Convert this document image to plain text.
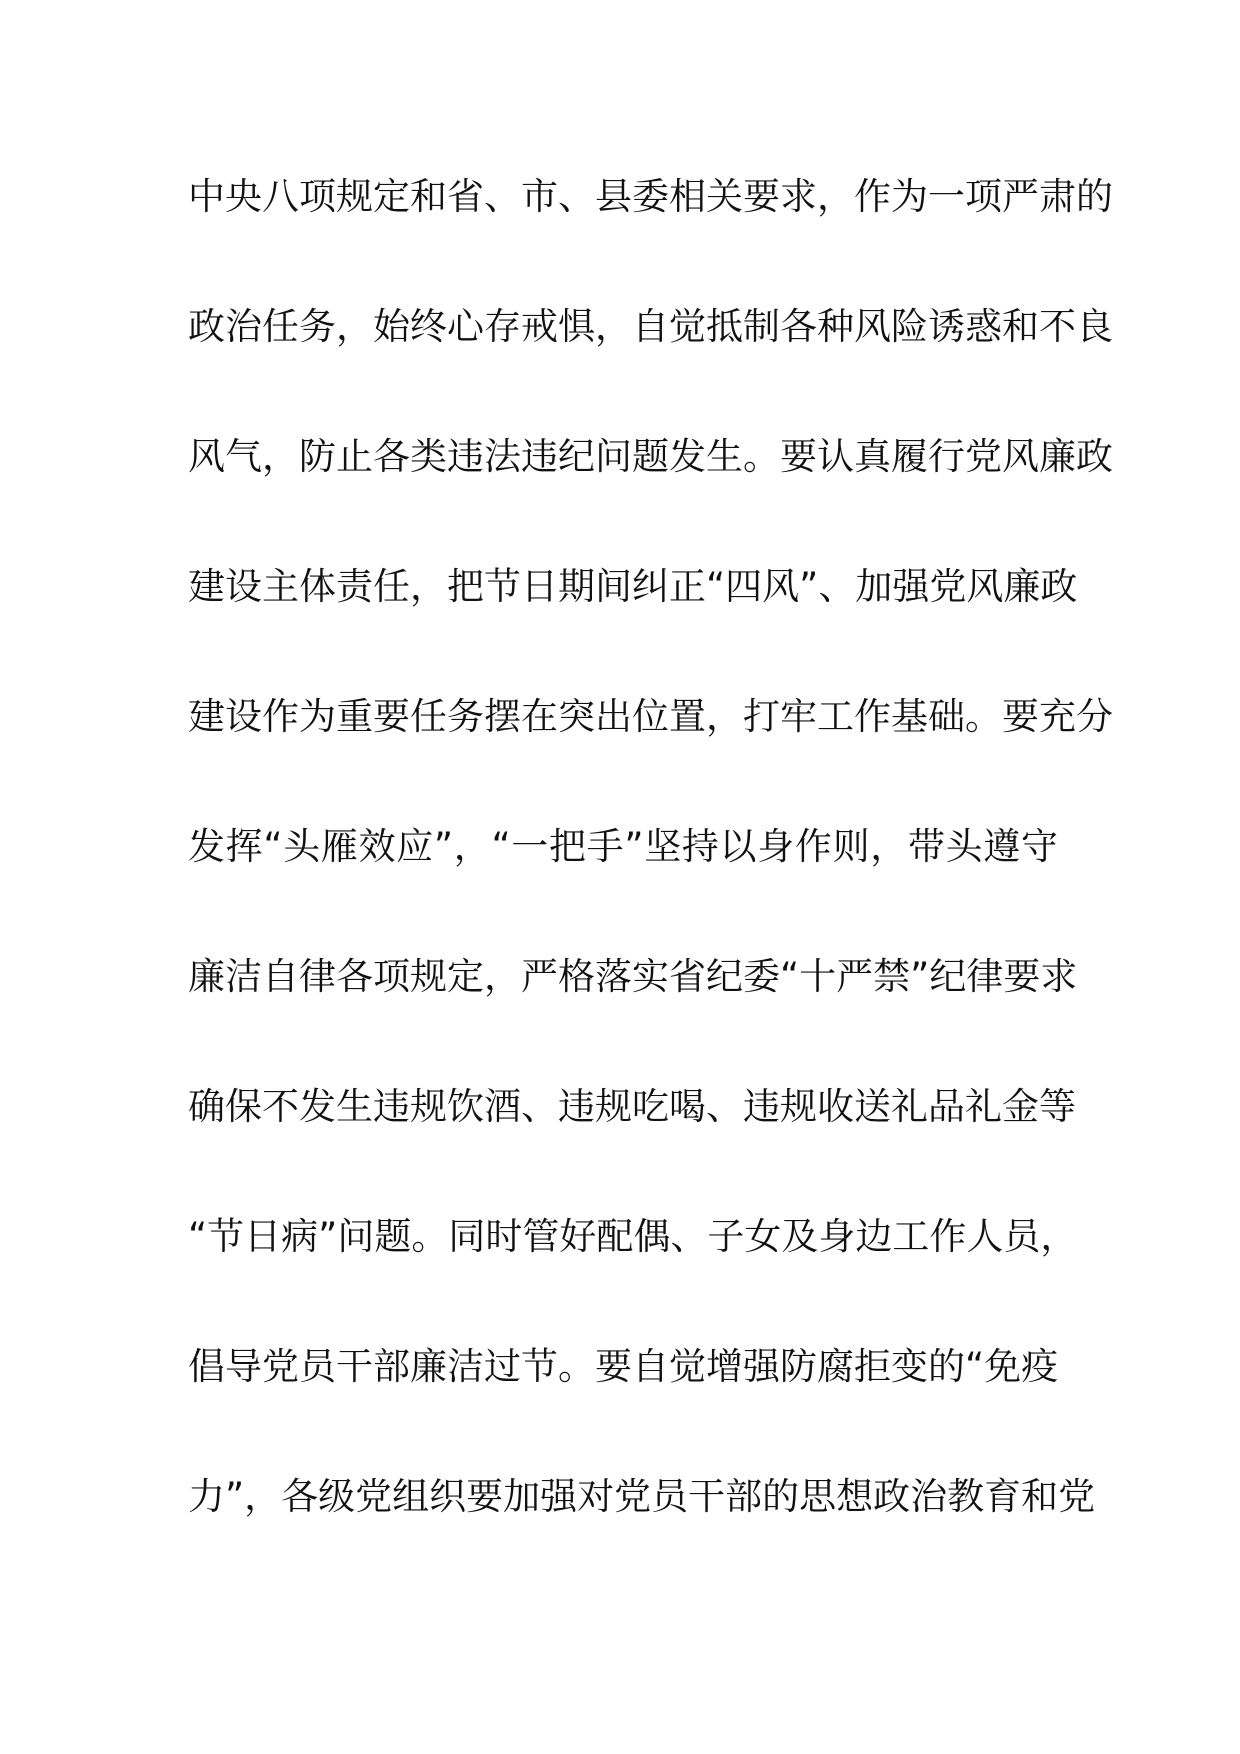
中央八项规定和省、市、县委相关要求，作为一项严肃的
政治任务，始终心存戒惧，自觉抵制各种风险诱惑和不良
风气，防止各类违法违纪问题发生。要认真履行党风廉政
建设主体责任，把节日期间纠正“四风”、加强党风廉政
建设作为重要任务摆在突出位置，打牢工作基础。要充分
发挥“头雁效应”，“一把手”坚持以身作则，带头遵守
廉洁自律各项规定，严格落实省纪委“十严禁”纪律要求
确保不发生违规饮酒、违规吃喝、违规收送礼品礼金等
“节日病”问题。同时管好配偶、子女及身边工作人员，
倡导党员干部廉洁过节。要自觉增强防腐拒变的“免疫
力”，各级党组织要加强对党员干部的思想政治教育和党
